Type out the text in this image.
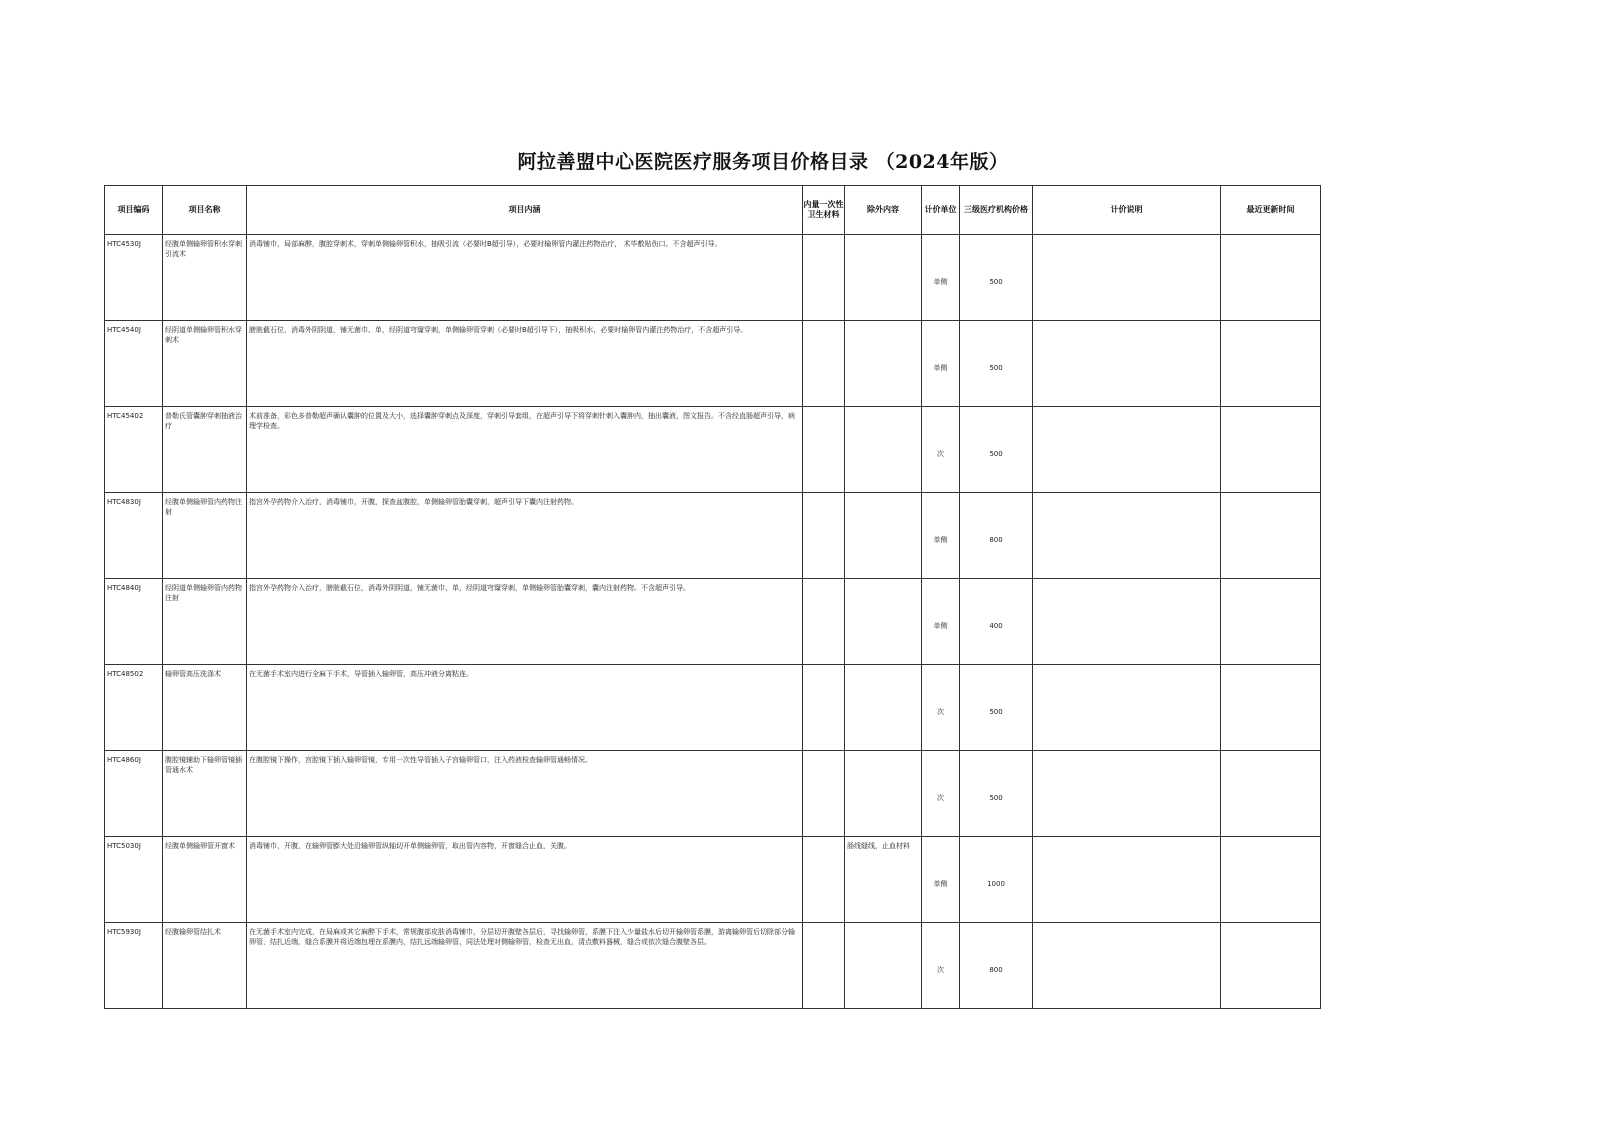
阿拉善盟中心医院医疗服务项目价格目录 （2024年版）
项目编码	项目名称	项目内涵	内量一次性卫生材料	除外内容	计价单位	三级医疗机构价格	计价说明	最近更新时间
HTC4530J	经腹单侧输卵管积水穿刺引流术	消毒铺巾，局部麻醉，腹腔穿刺术，穿刺单侧输卵管积水，抽吸引流（必要时B超引导），必要时输卵管内灌注药物治疗， 术毕敷贴伤口。不含超声引导。			单侧	500		
HTC4540J	经阴道单侧输卵管积水穿刺术	膀胱截石位，消毒外阴阴道，铺无菌巾、单，经阴道穹窿穿刺，单侧输卵管穿刺（必要时B超引导下），抽吸积水，必要时输卵管内灌注药物治疗，不含超声引导。			单侧	500		
HTC45402	普勒氏管囊肿穿刺抽液治疗	术前准备，彩色多普勒超声确认囊肿的位置及大小，选择囊肿穿刺点及深度，穿刺引导套组，在超声引导下将穿刺针刺入囊肿内，抽出囊液，图文报告。不含经直肠超声引导，病理学检查。			次	500		
HTC4830J	经腹单侧输卵管内药物注射	指宫外孕药物介入治疗，消毒铺巾，开腹，探查盆腹腔，单侧输卵管胎囊穿刺，超声引导下囊内注射药物。			单侧	800		
HTC4840J	经阴道单侧输卵管内药物注射	指宫外孕药物介入治疗，膀胱截石位，消毒外阴阴道，铺无菌巾、单，经阴道穹窿穿刺，单侧输卵管胎囊穿刺，囊内注射药物。不含超声引导。			单侧	400		
HTC48502	输卵管高压洗涤术	在无菌手术室内进行全麻下手术，导管插入输卵管，高压冲液分离粘连。			次	500		
HTC4860J	腹腔镜辅助下输卵管镜插管通水术	在腹腔镜下操作，宫腔镜下插入输卵管镜，专用一次性导管插入子宫输卵管口，注入药液检查输卵管通畅情况。			次	500		
HTC5030J	经腹单侧输卵管开窗术	消毒铺巾，开腹，在输卵管膨大处沿输卵管纵轴切开单侧输卵管，取出管内容物，开窗缝合止血，关腹。		肠线缝线，止血材料	单侧	1000		
HTC5930J	经腹输卵管结扎术	在无菌手术室内完成，在局麻或其它麻醉下手术，常规腹部皮肤消毒铺巾，分层切开腹壁各层后，寻找输卵管，系膜下注入少量盐水后切开输卵管系膜，游离输卵管后切除部分输卵管，结扎近端，缝合系膜并将近端包埋在系膜内，结扎远端输卵管，同法处理对侧输卵管，检查无出血，清点敷料器械，缝合或依次缝合腹壁各层。			次	800		
